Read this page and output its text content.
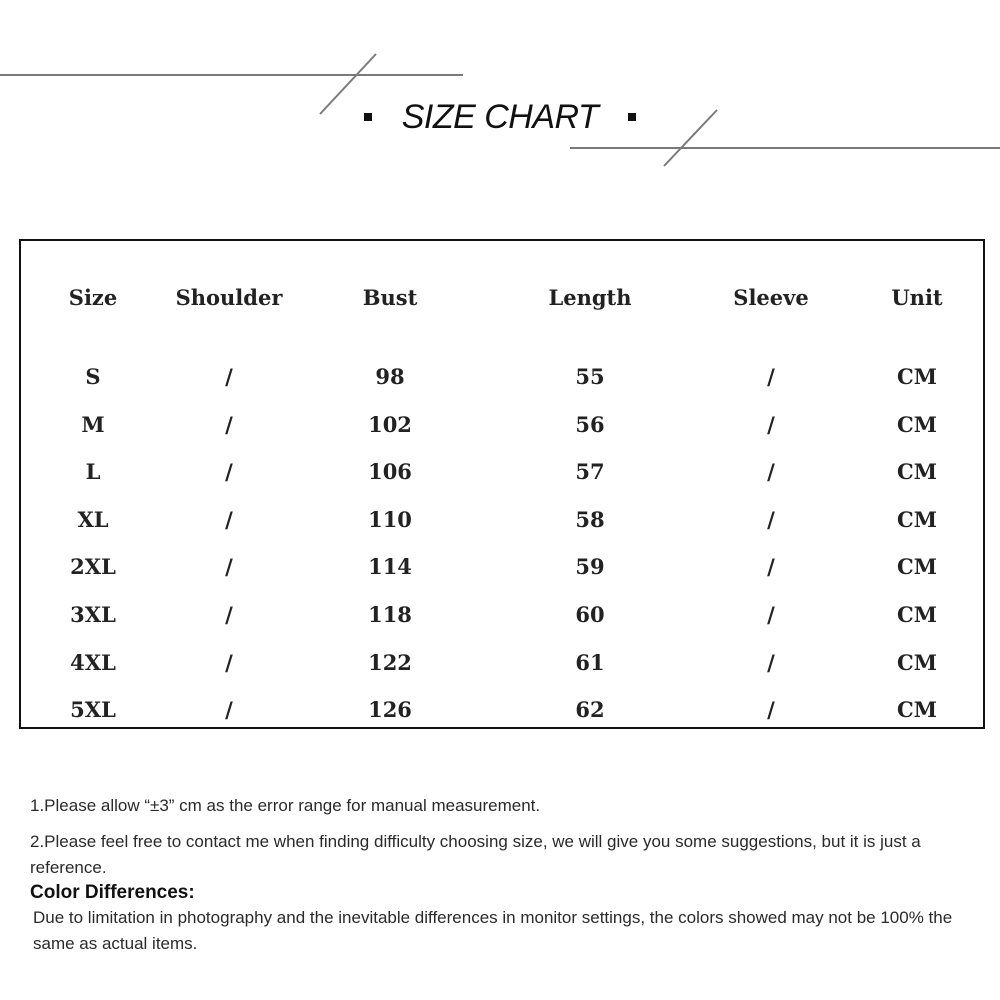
SIZE CHART
Size	Shoulder	Bust	Length	Sleeve	Unit
S	/	98	55	/	CM
M	/	102	56	/	CM
L	/	106	57	/	CM
XL	/	110	58	/	CM
2XL	/	114	59	/	CM
3XL	/	118	60	/	CM
4XL	/	122	61	/	CM
5XL	/	126	62	/	CM

1.Please allow “±3” cm as the error range for manual measurement.

2.Please feel free to contact me when finding difficulty choosing size, we will give you some suggestions, but it is just a reference.

Color Differences:

Due to limitation in photography and the inevitable differences in monitor settings, the colors showed may not be 100% the same as actual items.
